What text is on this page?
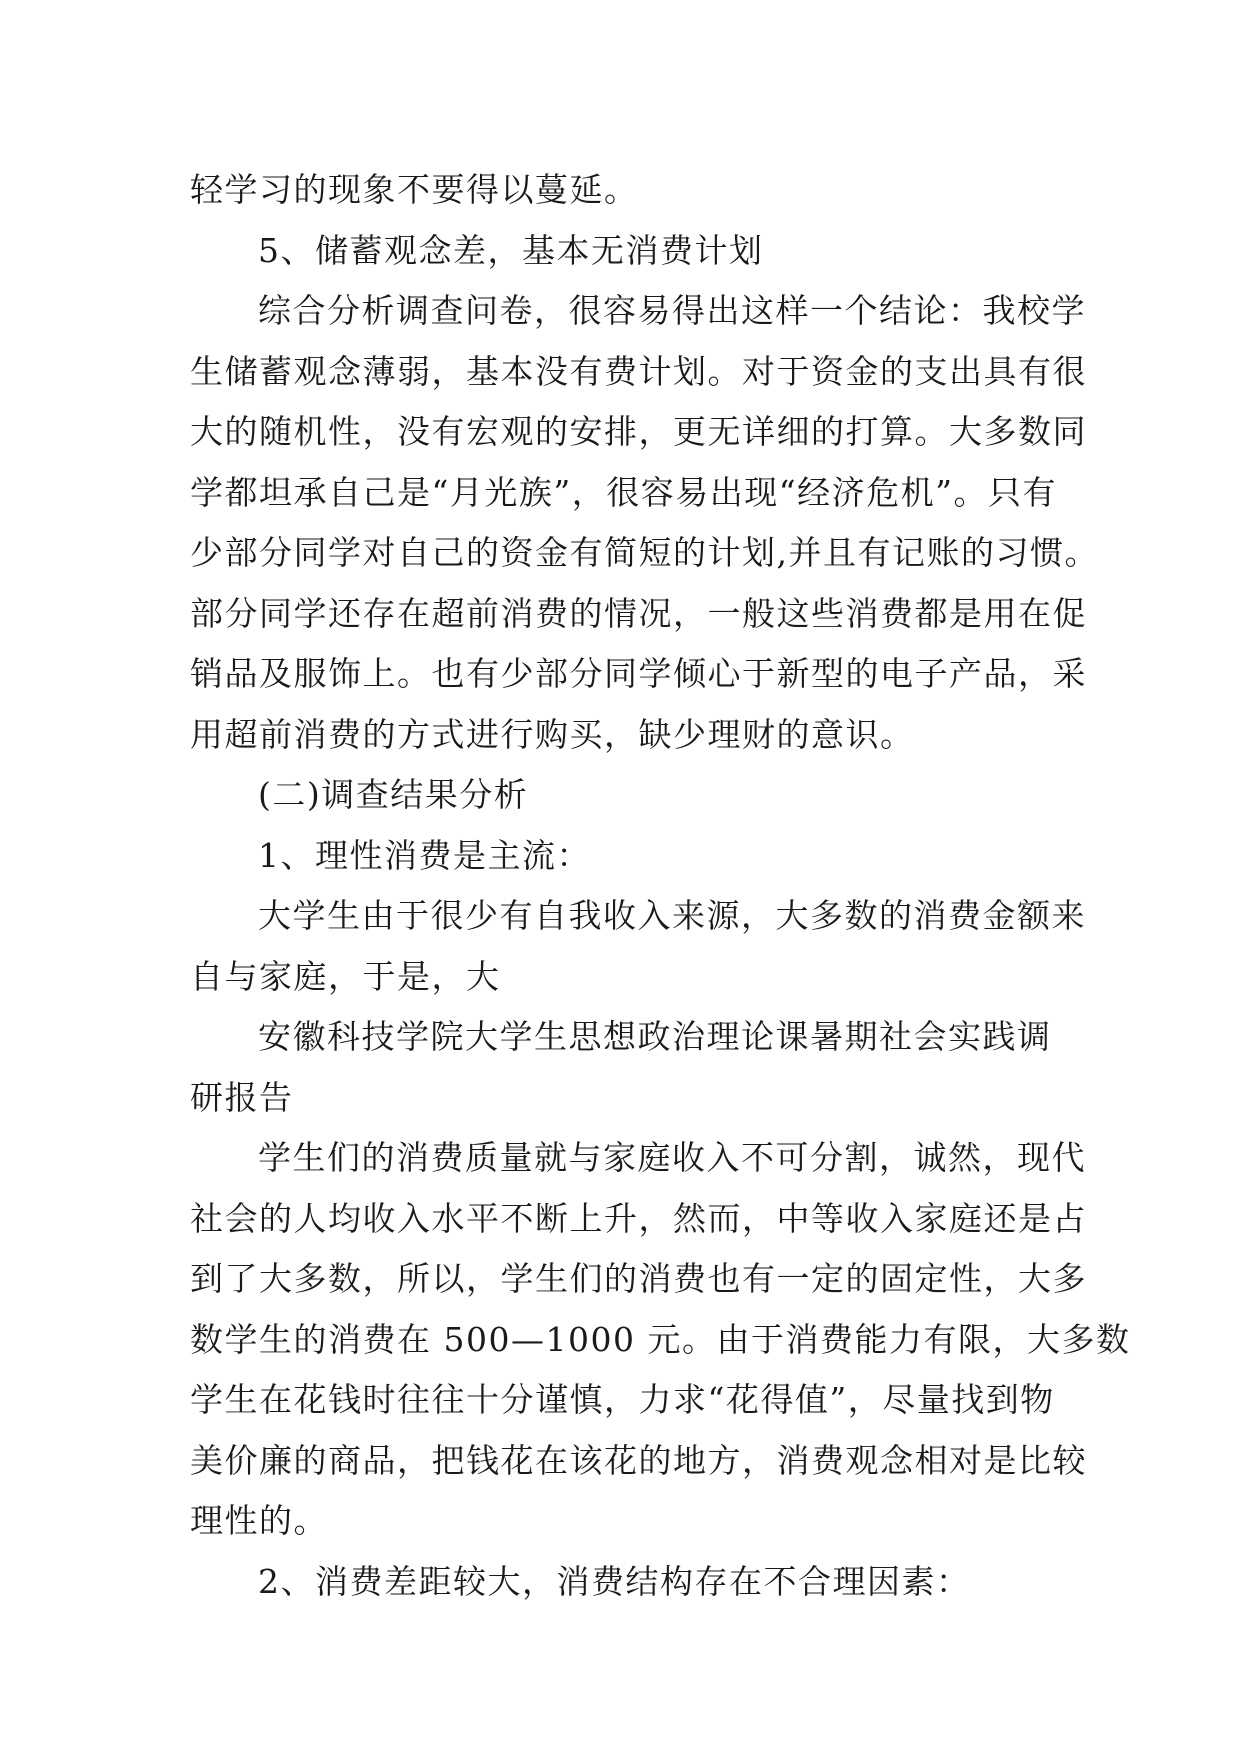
轻学习的现象不要得以蔓延。
5、储蓄观念差，基本无消费计划
综合分析调查问卷，很容易得出这样一个结论：我校学
生储蓄观念薄弱，基本没有费计划。对于资金的支出具有很
大的随机性，没有宏观的安排，更无详细的打算。大多数同
学都坦承自己是“月光族”，很容易出现“经济危机”。只有
少部分同学对自己的资金有简短的计划,并且有记账的习惯。
部分同学还存在超前消费的情况，一般这些消费都是用在促
销品及服饰上。也有少部分同学倾心于新型的电子产品，采
用超前消费的方式进行购买，缺少理财的意识。
(二)调查结果分析
1、理性消费是主流：
大学生由于很少有自我收入来源，大多数的消费金额来
自与家庭，于是，大
安徽科技学院大学生思想政治理论课暑期社会实践调
研报告
学生们的消费质量就与家庭收入不可分割，诚然，现代
社会的人均收入水平不断上升，然而，中等收入家庭还是占
到了大多数，所以，学生们的消费也有一定的固定性，大多
数学生的消费在 500—1000 元。由于消费能力有限，大多数
学生在花钱时往往十分谨慎，力求“花得值”，尽量找到物
美价廉的商品，把钱花在该花的地方，消费观念相对是比较
理性的。
2、消费差距较大，消费结构存在不合理因素：
